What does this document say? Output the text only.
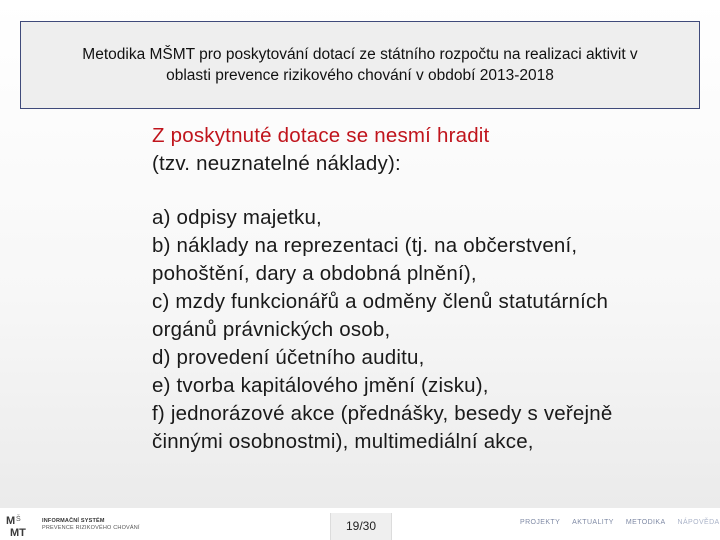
Metodika MŠMT pro poskytování dotací ze státního rozpočtu na realizaci aktivit v
oblasti prevence rizikového chování v období 2013-2018
Z poskytnuté dotace se nesmí hradit
(tzv. neuznatelné náklady):
a) odpisy majetku,
b) náklady na reprezentaci (tj. na občerstvení,
pohoštění, dary a obdobná plnění),
c) mzdy funkcionářů a odměny členů statutárních
orgánů právnických osob,
d) provedení účetního auditu,
e) tvorba kapitálového jmění (zisku),
f) jednorázové akce (přednášky, besedy s veřejně
činnými osobnostmi), multimediální akce,
M Š
MT
INFORMAČNÍ SYSTÉM
PREVENCE RIZIKOVÉHO CHOVÁNÍ	19/30	PROJEKTY AKTUALITY METODIKA NÁPOVĚDA
